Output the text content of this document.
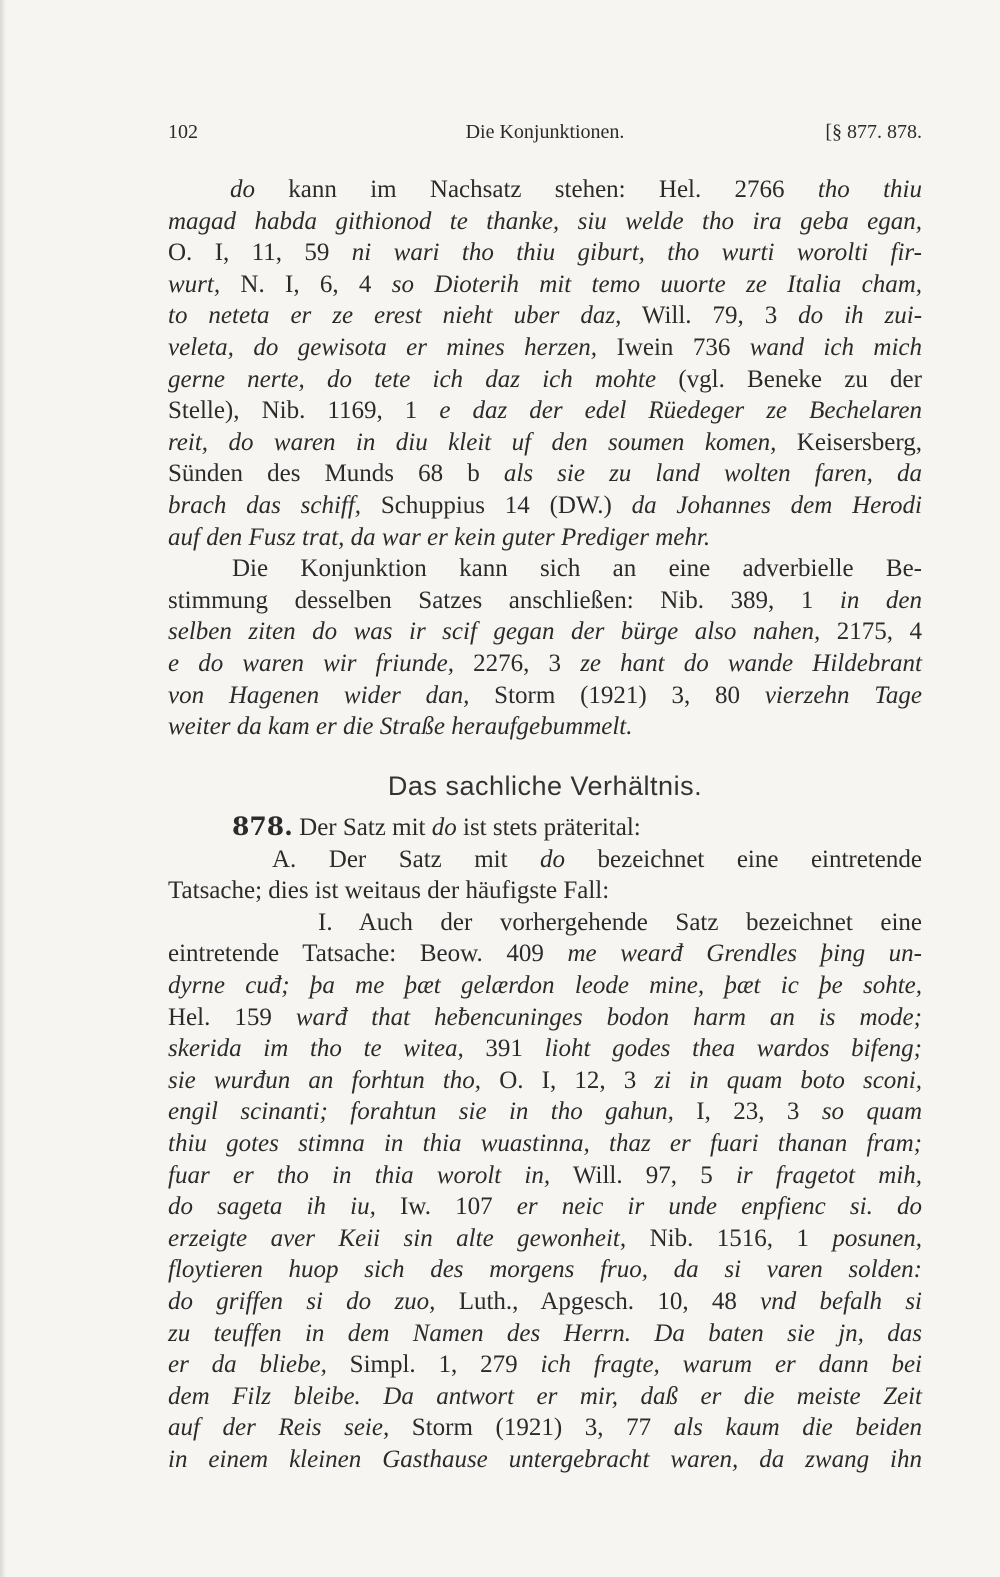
102	Die Konjunktionen.	[§ 877. 878.
do kann im Nachsatz stehen: Hel. 2766 tho thiu
magad habda githionod te thanke, siu welde tho ira geba egan,
O. I, 11, 59 ni wari tho thiu giburt, tho wurti worolti fir-
wurt, N. I, 6, 4 so Dioterih mit temo uuorte ze Italia cham,
to neteta er ze erest nieht uber daz, Will. 79, 3 do ih zui-
veleta, do gewisota er mines herzen, Iwein 736 wand ich mich
gerne nerte, do tete ich daz ich mohte (vgl. Beneke zu der
Stelle), Nib. 1169, 1 e daz der edel Rüedeger ze Bechelaren
reit, do waren in diu kleit uf den soumen komen, Keisersberg,
Sünden des Munds 68 b als sie zu land wolten faren, da
brach das schiff, Schuppius 14 (DW.) da Johannes dem Herodi
auf den Fusz trat, da war er kein guter Prediger mehr.
Die Konjunktion kann sich an eine adverbielle Be-
stimmung desselben Satzes anschließen: Nib. 389, 1 in den
selben ziten do was ir scif gegan der bürge also nahen, 2175, 4
e do waren wir friunde, 2276, 3 ze hant do wande Hildebrant
von Hagenen wider dan, Storm (1921) 3, 80 vierzehn Tage
weiter da kam er die Straße heraufgebummelt.
Das sachliche Verhältnis.
878. Der Satz mit do ist stets präterital:
A. Der Satz mit do bezeichnet eine eintretende
Tatsache; dies ist weitaus der häufigste Fall:
I. Auch der vorhergehende Satz bezeichnet eine
eintretende Tatsache: Beow. 409 me wearđ Grendles þing un-
dyrne cuđ; þa me þæt gelærdon leode mine, þæt ic þe sohte,
Hel. 159 warđ that heƀencuninges bodon harm an is mode;
skerida im tho te witea, 391 lioht godes thea wardos bifeng;
sie wurđun an forhtun tho, O. I, 12, 3 zi in quam boto sconi,
engil scinanti; forahtun sie in tho gahun, I, 23, 3 so quam
thiu gotes stimna in thia wuastinna, thaz er fuari thanan fram;
fuar er tho in thia worolt in, Will. 97, 5 ir fragetot mih,
do sageta ih iu, Iw. 107 er neic ir unde enpfienc si. do
erzeigte aver Keii sin alte gewonheit, Nib. 1516, 1 posunen,
floytieren huop sich des morgens fruo, da si varen solden:
do griffen si do zuo, Luth., Apgesch. 10, 48 vnd befalh si
zu teuffen in dem Namen des Herrn. Da baten sie jn, das
er da bliebe, Simpl. 1, 279 ich fragte, warum er dann bei
dem Filz bleibe. Da antwort er mir, daß er die meiste Zeit
auf der Reis seie, Storm (1921) 3, 77 als kaum die beiden
in einem kleinen Gasthause untergebracht waren, da zwang ihn
